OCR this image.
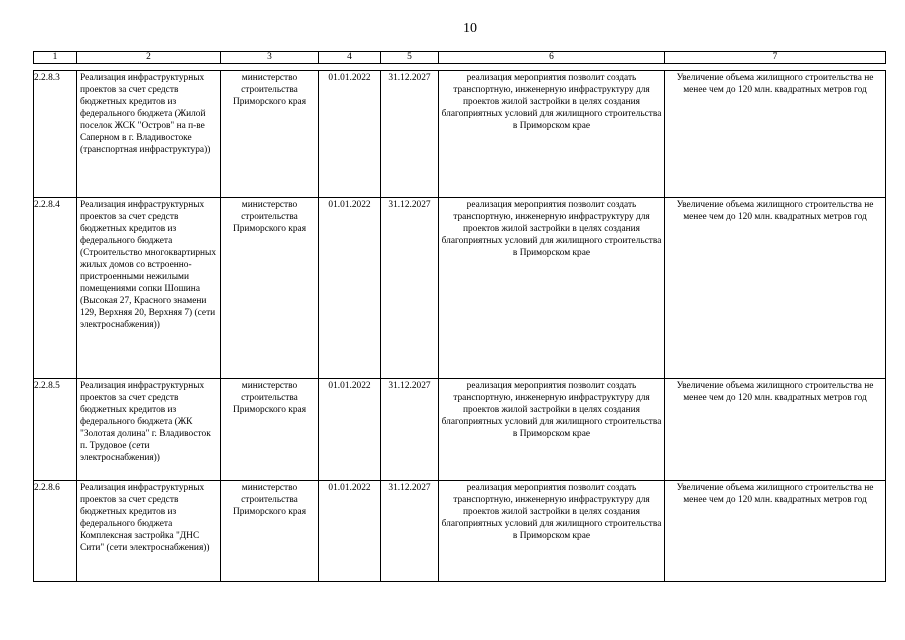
10
1	2	3	4	5	6	7

2.2.8.3	Реализация инфраструктурных проектов за счет средств бюджетных кредитов из федерального бюджета (Жилой поселок ЖСК "Остров" на п-ве Саперном в г. Владивостоке (транспортная инфраструктура))	министерство строительства Приморского края	01.01.2022	31.12.2027	реализация мероприятия позволит создать транспортную, инженерную инфраструктуру для проектов жилой застройки в целях создания благоприятных условий для жилищного строительства в Приморском крае	Увеличение объема жилищного строительства не менее чем до 120 млн. квадратных метров год
2.2.8.4	Реализация инфраструктурных проектов за счет средств бюджетных кредитов из федерального бюджета (Строительство многоквартирных жилых домов со встроенно-пристроенными нежилыми помещениями сопки Шошина (Высокая 27, Красного знамени 129, Верхняя 20, Верхняя 7) (сети электроснабжения))	министерство строительства Приморского края	01.01.2022	31.12.2027	реализация мероприятия позволит создать транспортную, инженерную инфраструктуру для проектов жилой застройки в целях создания благоприятных условий для жилищного строительства в Приморском крае	Увеличение объема жилищного строительства не менее чем до 120 млн. квадратных метров год
2.2.8.5	Реализация инфраструктурных проектов за счет средств бюджетных кредитов из федерального бюджета (ЖК "Золотая долина" г. Владивосток п. Трудовое (сети электроснабжения))	министерство строительства Приморского края	01.01.2022	31.12.2027	реализация мероприятия позволит создать транспортную, инженерную инфраструктуру для проектов жилой застройки в целях создания благоприятных условий для жилищного строительства в Приморском крае	Увеличение объема жилищного строительства не менее чем до 120 млн. квадратных метров год
2.2.8.6	Реализация инфраструктурных проектов за счет средств бюджетных кредитов из федерального бюджета Комплексная застройка "ДНС Сити" (сети электроснабжения))	министерство строительства Приморского края	01.01.2022	31.12.2027	реализация мероприятия позволит создать транспортную, инженерную инфраструктуру для проектов жилой застройки в целях создания благоприятных условий для жилищного строительства в Приморском крае	Увеличение объема жилищного строительства не менее чем до 120 млн. квадратных метров год
